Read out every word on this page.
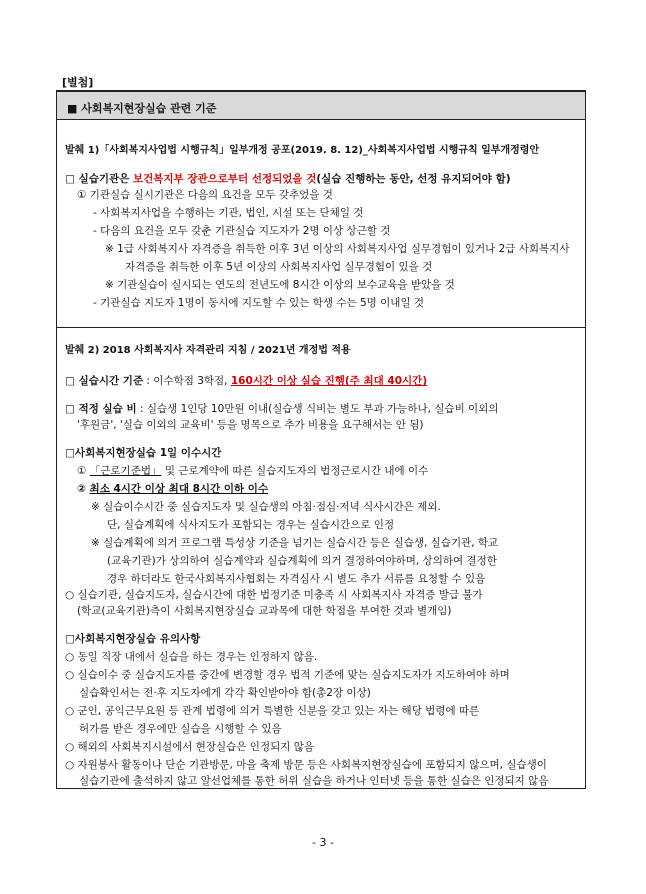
[별첨]
■ 사회복지현장실습 관련 기준
발췌 1)「사회복지사업법 시행규칙」일부개정 공포(2019. 8. 12)_사회복지사업법 시행규칙 일부개정령안
□ 실습기관은 보건복지부 장관으로부터 선정되었을 것(실습 진행하는 동안, 선정 유지되어야 함)
① 기관실습 실시기관은 다음의 요건을 모두 갖추었을 것
- 사회복지사업을 수행하는 기관, 법인, 시설 또는 단체일 것
- 다음의 요건을 모두 갖춘 기관실습 지도자가 2명 이상 상근할 것
※ 1급 사회복지사 자격증을 취득한 이후 3년 이상의 사회복지사업 실무경험이 있거나 2급 사회복지사
자격증을 취득한 이후 5년 이상의 사회복지사업 실무경험이 있을 것
※ 기관실습이 실시되는 연도의 전년도에 8시간 이상의 보수교육을 받았을 것
- 기관실습 지도자 1명이 동시에 지도할 수 있는 학생 수는 5명 이내일 것
발췌 2) 2018 사회복지사 자격관리 지침 / 2021년 개정법 적용
□ 실습시간 기준 : 이수학점 3학점, 160시간 이상 실습 진행(주 최대 40시간)
□ 적정 실습 비 : 실습생 1인당 10만원 이내(실습생 식비는 별도 부과 가능하나, 실습비 이외의
'후원금', '실습 이외의 교육비' 등을 명목으로 추가 비용을 요구해서는 안 됨)
□사회복지현장실습 1일 이수시간
① 「근로기준법」 및 근로계약에 따른 실습지도자의 법정근로시간 내에 이수
② 최소 4시간 이상 최대 8시간 이하 이수
※ 실습이수시간 중 실습지도자 및 실습생의 아침·점심·저녁 식사시간은 제외.
단, 실습계획에 식사지도가 포함되는 경우는 실습시간으로 인정
※ 실습계획에 의거 프로그램 특성상 기준을 넘기는 실습시간 등은 실습생, 실습기관, 학교
(교육기관)가 상의하여 실습계약과 실습계획에 의거 결정하여야하며, 상의하여 결정한
경우 하더라도 한국사회복지사협회는 자격심사 시 별도 추가 서류를 요청할 수 있음
○ 실습기관, 실습지도자, 실습시간에 대한 법정기준 미충족 시 사회복지사 자격증 발급 불가
(학교(교육기관)측이 사회복지현장실습 교과목에 대한 학점을 부여한 것과 별개임)
□사회복지현장실습 유의사항
○ 동일 직장 내에서 실습을 하는 경우는 인정하지 않음.
○ 실습이수 중 실습지도자를 중간에 변경할 경우 법적 기준에 맞는 실습지도자가 지도하여야 하며
실습확인서는 전·후 지도자에게 각각 확인받아야 함(총2장 이상)
○ 군인, 공익근무요원 등 관계 법령에 의거 특별한 신분을 갖고 있는 자는 해당 법령에 따른
허가를 받은 경우에만 실습을 시행할 수 있음
○ 해외의 사회복지시설에서 현장실습은 인정되지 않음
○ 자원봉사 활동이나 단순 기관방문, 마을 축제 방문 등은 사회복지현장실습에 포함되지 않으며, 실습생이
실습기관에 출석하지 않고 알선업체를 통한 허위 실습을 하거나 인터넷 등을 통한 실습은 인정되지 않음
- 3 -
